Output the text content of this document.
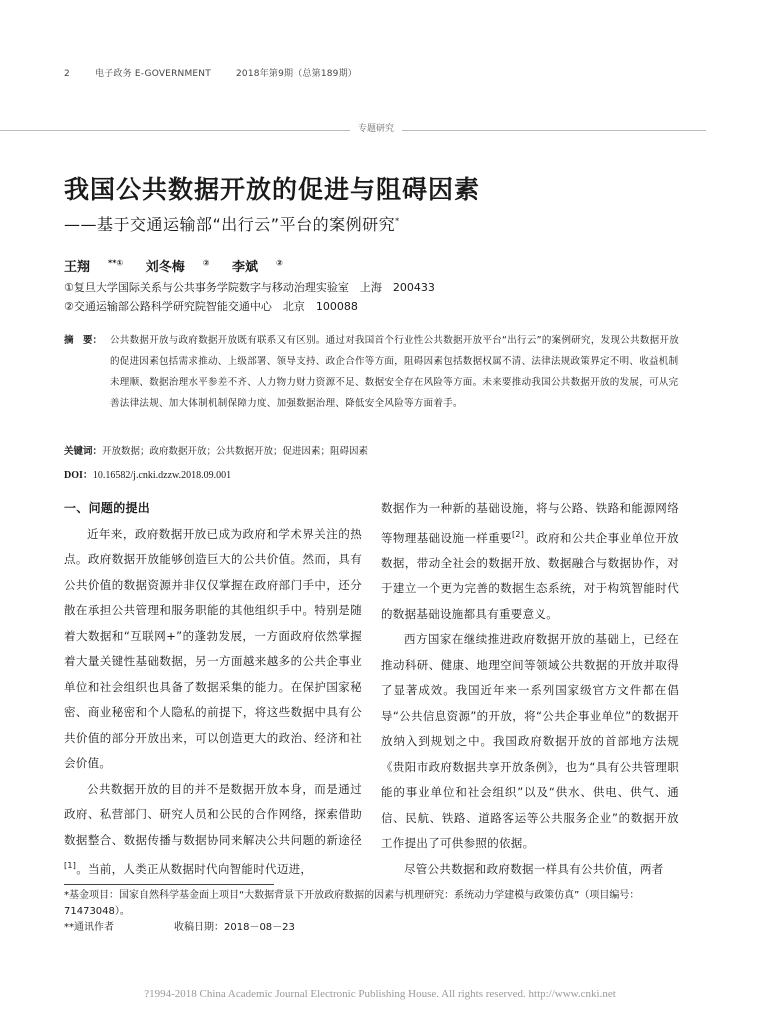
2	电子政务 E-GOVERNMENT	2018年第9期（总第189期）
专题研究
我国公共数据开放的促进与阻碍因素
——基于交通运输部“出行云”平台的案例研究*
王翔 **① 刘冬梅 ② 李斌 ②
①复旦大学国际关系与公共事务学院数字与移动治理实验室　上海　200433
②交通运输部公路科学研究院智能交通中心　北京　100088
摘　要： 公共数据开放与政府数据开放既有联系又有区别。通过对我国首个行业性公共数据开放平台“出行云”的案例研究，发现公共数据开放的促进因素包括需求推动、上级部署、领导支持、政企合作等方面，阻碍因素包括数据权属不清、法律法规政策界定不明、收益机制未理顺、数据治理水平参差不齐、人力物力财力资源不足、数据安全存在风险等方面。未来要推动我国公共数据开放的发展，可从完善法律法规、加大体制机制保障力度、加强数据治理、降低安全风险等方面着手。
关键词：开放数据；政府数据开放；公共数据开放；促进因素；阻碍因素
DOI：10.16582/j.cnki.dzzw.2018.09.001
一、问题的提出

近年来，政府数据开放已成为政府和学术界关注的热点。政府数据开放能够创造巨大的公共价值。然而，具有公共价值的数据资源并非仅仅掌握在政府部门手中，还分散在承担公共管理和服务职能的其他组织手中。特别是随着大数据和“互联网+”的蓬勃发展，一方面政府依然掌握着大量关键性基础数据，另一方面越来越多的公共企事业单位和社会组织也具备了数据采集的能力。在保护国家秘密、商业秘密和个人隐私的前提下，将这些数据中具有公共价值的部分开放出来，可以创造更大的政治、经济和社会价值。

公共数据开放的目的并不是数据开放本身，而是通过政府、私营部门、研究人员和公民的合作网络，探索借助数据整合、数据传播与数据协同来解决公共问题的新途径[1]。当前，人类正从数据时代向智能时代迈进，

数据作为一种新的基础设施，将与公路、铁路和能源网络等物理基础设施一样重要[2]。政府和公共企事业单位开放数据，带动全社会的数据开放、数据融合与数据协作，对于建立一个更为完善的数据生态系统，对于构筑智能时代的数据基础设施都具有重要意义。

西方国家在继续推进政府数据开放的基础上，已经在推动科研、健康、地理空间等领域公共数据的开放并取得了显著成效。我国近年来一系列国家级官方文件都在倡导“公共信息资源”的开放，将“公共企事业单位”的数据开放纳入到规划之中。我国政府数据开放的首部地方法规《贵阳市政府数据共享开放条例》，也为“具有公共管理职能的事业单位和社会组织”以及“供水、供电、供气、通信、民航、铁路、道路客运等公共服务企业”的数据开放工作提出了可供参照的依据。

尽管公共数据和政府数据一样具有公共价值，两者

*基金项目：国家自然科学基金面上项目“大数据背景下开放政府数据的因素与机理研究：系统动力学建模与政策仿真”（项目编号：71473048）。
**通讯作者	收稿日期：2018－08－23
?1994-2018 China Academic Journal Electronic Publishing House. All rights reserved. http://www.cnki.net
